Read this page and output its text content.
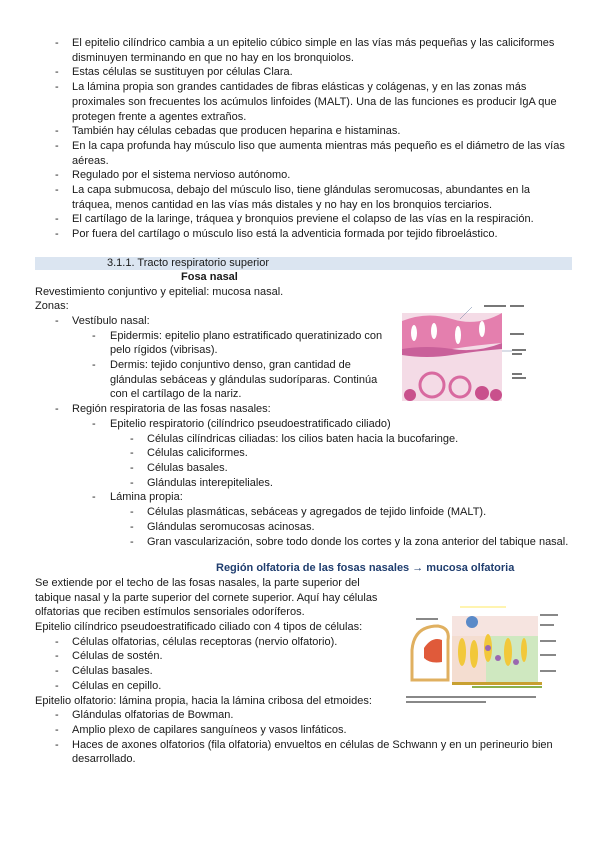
- El epitelio cilíndrico cambia a un epitelio cúbico simple en las vías más pequeñas y las caliciformes disminuyen terminando en que no hay en los bronquiolos.
- Estas células se sustituyen por células Clara.
- La lámina propia son grandes cantidades de fibras elásticas y colágenas, y en las zonas más proximales son frecuentes los acúmulos linfoides (MALT). Una de las funciones es producir IgA que protegen frente a agentes extraños.
- También hay células cebadas que producen heparina e histaminas.
- En la capa profunda hay músculo liso que aumenta mientras más pequeño es el diámetro de las vías aéreas.
- Regulado por el sistema nervioso autónomo.
- La capa submucosa, debajo del músculo liso, tiene glándulas seromucosas, abundantes en la tráquea, menos cantidad en las vías más distales y no hay en los bronquios terciarios.
- El cartílago de la laringe, tráquea y bronquios previene el colapso de las vías en la respiración.
- Por fuera del cartílago o músculo liso está la adventicia formada por tejido fibroelástico.
3.1.1. Tracto respiratorio superior
Fosa nasal
Revestimiento conjuntivo y epitelial: mucosa nasal.
Zonas:
- Vestíbulo nasal:
- Epidermis: epitelio plano estratificado queratinizado con pelo rígidos (vibrisas).
- Dermis: tejido conjuntivo denso, gran cantidad de glándulas sebáceas y glándulas sudoríparas. Continúa con el cartílago de la nariz.
- Región respiratoria de las fosas nasales:
- Epitelio respiratorio (cilíndrico pseudoestratificado ciliado)
- Células cilíndricas ciliadas: los cilios baten hacia la bucofaringe.
- Células caliciformes.
- Células basales.
- Glándulas interepiteliales.
- Lámina propia:
- Células plasmáticas, sebáceas y agregados de tejido linfoide (MALT).
- Glándulas seromucosas acinosas.
- Gran vascularización, sobre todo donde los cortes y la zona anterior del tabique nasal.
Región olfatoria de las fosas nasales → mucosa olfatoria
Se extiende por el techo de las fosas nasales, la parte superior del tabique nasal y la parte superior del cornete superior. Aquí hay células olfatorias que reciben estímulos sensoriales odoríferos.
Epitelio cilíndrico pseudoestratificado ciliado con 4 tipos de células:
- Células olfatorias, células receptoras (nervio olfatorio).
- Células de sostén.
- Células basales.
- Células en cepillo.
Epitelio olfatorio: lámina propia, hacia la lámina cribosa del etmoides:
- Glándulas olfatorias de Bowman.
- Amplio plexo de capilares sanguíneos y vasos linfáticos.
- Haces de axones olfatorios (fila olfatoria) envueltos en células de Schwann y en un perineurio bien desarrollado.
